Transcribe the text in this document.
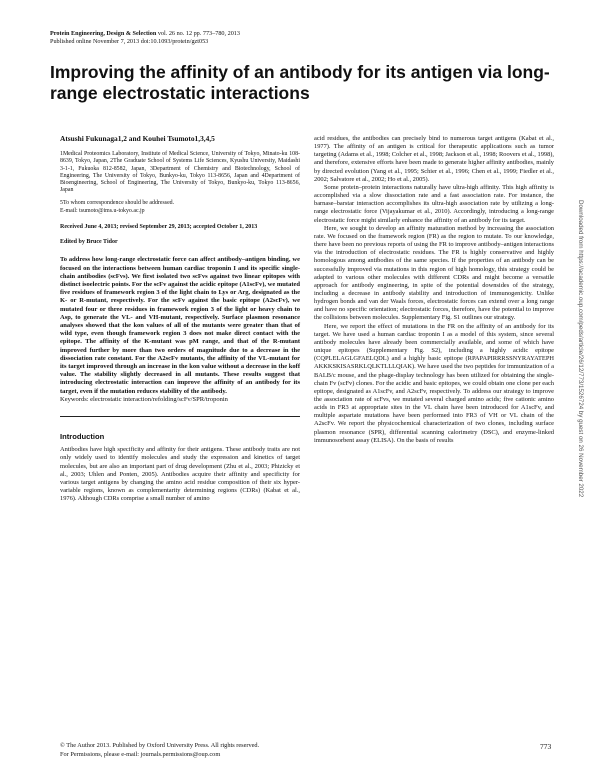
Protein Engineering, Design & Selection vol. 26 no. 12 pp. 773–780, 2013
Published online November 7, 2013 doi:10.1093/protein/gzt053
Improving the affinity of an antibody for its antigen via long-range electrostatic interactions
Atsushi Fukunaga1,2 and Kouhei Tsumoto1,3,4,5
1Medical Proteomics Laboratory, Institute of Medical Science, University of Tokyo, Minato-ku 108-8639, Tokyo, Japan, 2The Graduate School of Systems Life Sciences, Kyushu University, Maidashi 3-1-1, Fukuoka 812-8582, Japan, 3Department of Chemistry and Biotechnology, School of Engineering, The University of Tokyo, Bunkyo-ku, Tokyo 113-8656, Japan and 4Department of Bioengineering, School of Engineering, The University of Tokyo, Bunkyo-ku, Tokyo 113-8656, Japan
5To whom correspondence should be addressed.
E-mail: tsumoto@ims.u-tokyo.ac.jp
Received June 4, 2013; revised September 29, 2013; accepted October 1, 2013
Edited by Bruce Tidor
To address how long-range electrostatic force can affect antibody–antigen binding, we focused on the interactions between human cardiac troponin I and its specific single-chain antibodies (scFvs). We first isolated two scFvs against two linear epitopes with distinct isoelectric points. For the scFv against the acidic epitope (A1scFv), we mutated five residues of framework region 3 of the light chain to Lys or Arg, designated as the K- or R-mutant, respectively. For the scFv against the basic epitope (A2scFv), we mutated four or three residues in framework region 3 of the light or heavy chain to Asp, to generate the VL- and VH-mutant, respectively. Surface plasmon resonance analyses showed that the kon values of all of the mutants were greater than that of wild type, even though framework region 3 does not make direct contact with the epitope. The affinity of the K-mutant was pM range, and that of the R-mutant improved further by more than two orders of magnitude due to a decrease in the dissociation rate constant. For the A2scFv mutants, the affinity of the VL-mutant for its target improved through an increase in the kon value without a decrease in the koff value. The stability slightly decreased in all mutants. These results suggest that introducing electrostatic interaction can improve the affinity of an antibody for its target, even if the mutation reduces stability of the antibody.
Keywords: electrostatic interaction/refolding/scFv/SPR/troponin
Introduction

Antibodies have high specificity and affinity for their antigens. These antibody traits are not only widely used to identify molecules and study the expression and kinetics of target molecules, but are also an important part of drug development (Zhu et al., 2003; Phizicky et al., 2003; Uhlen and Ponten, 2005). Antibodies acquire their affinity and specificity for various target antigens by changing the amino acid residue composition of their six hyper-variable regions, known as complementarity determining regions (CDRs) (Kabat et al., 1976). Although CDRs comprise a small number of amino

acid residues, the antibodies can precisely bind to numerous target antigens (Kabat et al., 1977). The affinity of an antigen is critical for therapeutic applications such as tumor targeting (Adams et al., 1998; Colcher et al., 1998; Jackson et al., 1998; Roovers et al., 1998), and therefore, extensive efforts have been made to generate higher affinity antibodies, mainly by directed evolution (Yang et al., 1995; Schier et al., 1996; Chen et al., 1999; Fiedler et al., 2002; Salvatore et al., 2002; Ho et al., 2005).

Some protein–protein interactions naturally have ultra-high affinity. This high affinity is accomplished via a slow dissociation rate and a fast association rate. For instance, the barnase–barstar interaction accomplishes its ultra-high association rate by utilizing a long-range electrostatic force (Vijayakumar et al., 2010). Accordingly, introducing a long-range electrostatic force might similarly enhance the affinity of an antibody for its target.

Here, we sought to develop an affinity maturation method by increasing the association rate. We focused on the framework region (FR) as the region to mutate. To our knowledge, there have been no previous reports of using the FR to improve antibody–antigen interactions via the introduction of electrostatic residues. The FR is highly conservative and highly homologous among antibodies of the same species. If the properties of an antibody can be successfully improved via mutations in this region of high homology, this strategy could be adapted to various other molecules with different CDRs and might become a versatile approach for antibody engineering, in spite of the potential downsides of the strategy, including a decrease in antibody stability and introduction of immunogenicity. Unlike hydrogen bonds and van der Waals forces, electrostatic forces can extend over a long range and have no specific orientation; electrostatic forces, therefore, have the potential to improve the collisions between molecules. Supplementary Fig. S1 outlines our strategy.

Here, we report the effect of mutations in the FR on the affinity of an antibody for its target. We have used a human cardiac troponin I as a model of this system, since several antibody molecules have already been commercially available, and some of which have unique epitopes (Supplementary Fig. S2), including a highly acidic epitope (CQPLELAGLGFAELQDL) and a highly basic epitope (RPAPAPIRRRSSNYRAYATEPH AKKKSKISASRKLQLKTLLLQIAK). We have used the two peptides for immunization of a BALB/c mouse, and the phage-display technology has been utilized for obtaining the single-chain Fv (scFv) clones. For the acidic and basic epitopes, we could obtain one clone per each epitope, designated as A1scFv, and A2scFv, respectively. To address our strategy to improve the association rate of scFvs, we mutated several charged amino acids; five cationic amino acids in FR3 at appropriate sites in the VL chain have been introduced for A1scFv, and multiple aspartate mutations have been performed into FR3 of VH or VL chain of the A2scFv. We report the physicochemical characterization of two clones, including surface plasmon resonance (SPR), differential scanning calorimetry (DSC), and enzyme-linked immunosorbent assay (ELISA). On the basis of results

© The Author 2013. Published by Oxford University Press. All rights reserved.
For Permissions, please e-mail: journals.permissions@oup.com
773
Downloaded from https://academic.oup.com/peds/article/26/12/773/1526724 by guest on 26 November 2022
